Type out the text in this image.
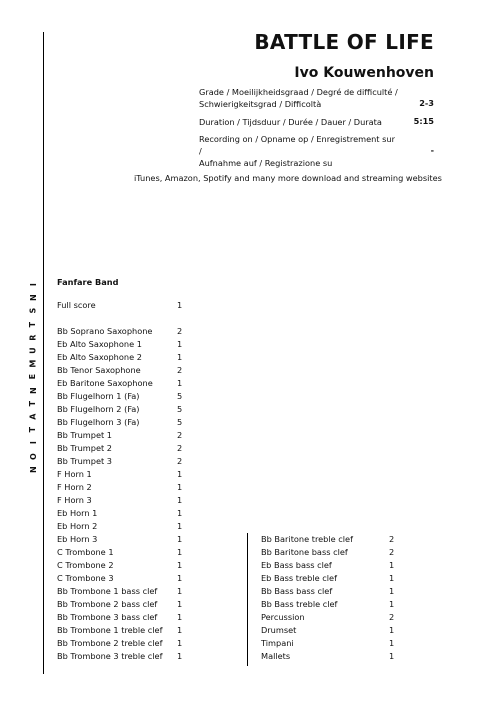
I
N
S
T
R
U
M
E
N
T
A
T
I
O
N
BATTLE OF LIFE
Ivo Kouwenhoven
Grade / Moeilijkheidsgraad / Degré de difficulté /
Schwierigkeitsgrad / Difficoltà	2-3
Duration / Tijdsduur / Durée / Dauer / Durata	5:15
Recording on / Opname op / Enregistrement sur /
Aufnahme auf / Registrazione su
-
iTunes, Amazon, Spotify and many more download and streaming websites
Fanfare Band
Full score	1
Bb Soprano Saxophone	2
Eb Alto Saxophone 1	1
Eb Alto Saxophone 2	1
Bb Tenor Saxophone	2
Eb Baritone Saxophone	1
Bb Flugelhorn 1 (Fa)	5
Bb Flugelhorn 2 (Fa)	5
Bb Flugelhorn 3 (Fa)	5
Bb Trumpet 1	2
Bb Trumpet 2	2
Bb Trumpet 3	2
F Horn 1	1
F Horn 2	1
F Horn 3	1
Eb Horn 1	1
Eb Horn 2	1
Eb Horn 3	1
C Trombone 1	1
C Trombone 2	1
C Trombone 3	1
Bb Trombone 1 bass clef 1
Bb Trombone 2 bass clef 1
Bb Trombone 3 bass clef 1
Bb Trombone 1 treble clef 1
Bb Trombone 2 treble clef 1
Bb Trombone 3 treble clef 1
Bb Baritone treble clef	2
Bb Baritone bass clef	2
Eb Bass bass clef	1
Eb Bass treble clef	1
Bb Bass bass clef	1
Bb Bass treble clef	1
Percussion	2
Drumset	1
Timpani	1
Mallets	1
